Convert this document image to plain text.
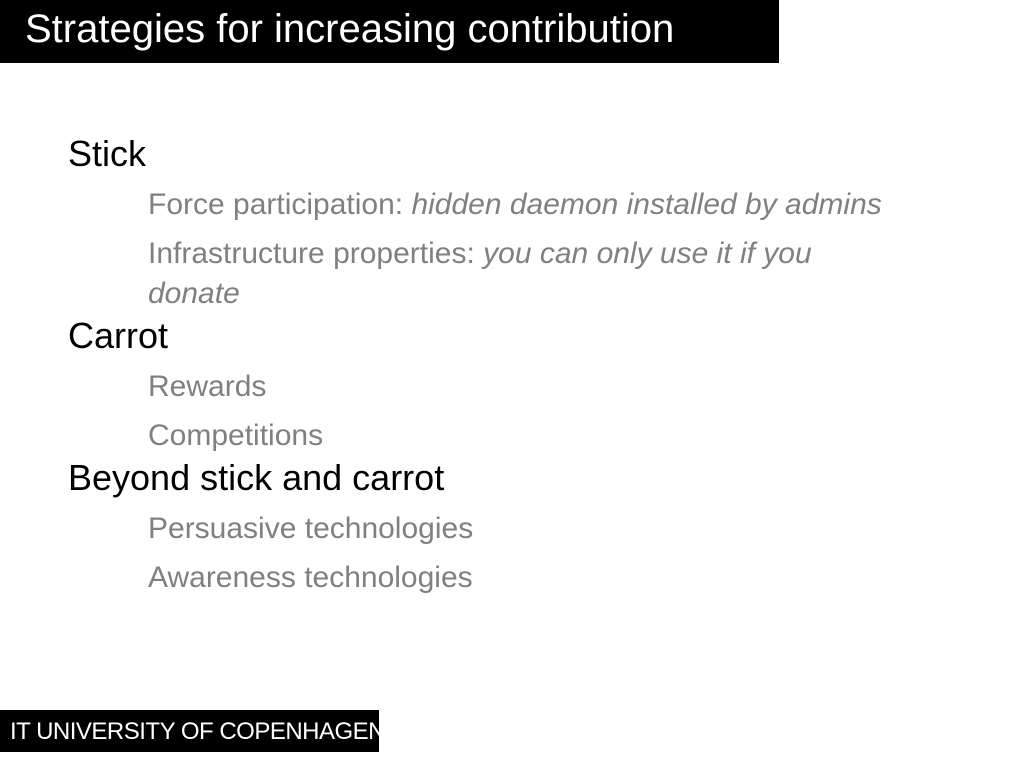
Strategies for increasing contribution
Stick
Force participation: hidden daemon installed by admins
Infrastructure properties: you can only use it if you donate
Carrot
Rewards
Competitions
Beyond stick and carrot
Persuasive technologies
Awareness technologies
IT UNIVERSITY OF COPENHAGEN
